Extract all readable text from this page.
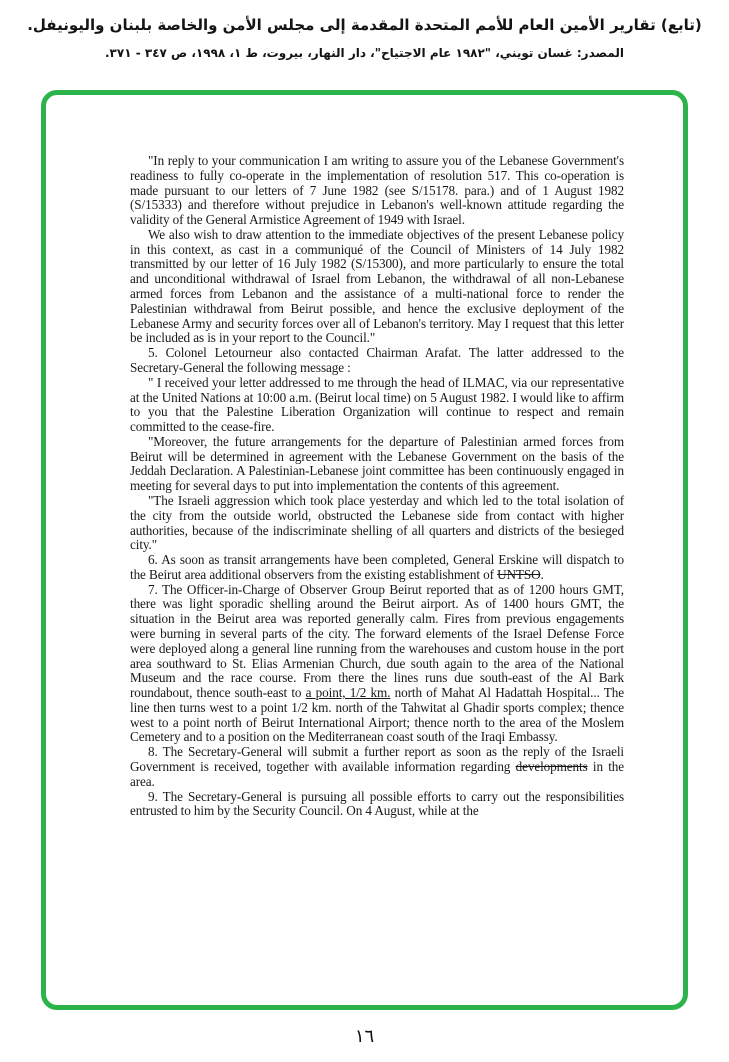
(تابع) تقارير الأمين العام للأمم المتحدة المقدمة إلى مجلس الأمن والخاصة بلبنان واليونيفل.
المصدر: غسان تويني، "١٩٨٢ عام الاجتياح"، دار النهار، بيروت، ط ١، ١٩٩٨، ص ٣٤٧ - ٣٧١.

"In reply to your communication I am writing to assure you of the Lebanese Government's readiness to fully co-operate in the implementation of resolution 517. This co-operation is made pursuant to our letters of 7 June 1982 (see S/15178. para.) and of 1 August 1982 (S/15333) and therefore without prejudice in Lebanon's well-known attitude regarding the validity of the General Armistice Agreement of 1949 with Israel.

We also wish to draw attention to the immediate objectives of the present Lebanese policy in this context, as cast in a communiqué of the Council of Ministers of 14 July 1982 transmitted by our letter of 16 July 1982 (S/15300), and more particularly to ensure the total and unconditional withdrawal of Israel from Lebanon, the withdrawal of all non-Lebanese armed forces from Lebanon and the assistance of a multi-national force to render the Palestinian withdrawal from Beirut possible, and hence the exclusive deployment of the Lebanese Army and security forces over all of Lebanon's territory. May I request that this letter be included as is in your report to the Council."

5. Colonel Letourneur also contacted Chairman Arafat. The latter addressed to the Secretary-General the following message :

" I received your letter addressed to me through the head of ILMAC, via our representative at the United Nations at 10:00 a.m. (Beirut local time) on 5 August 1982. I would like to affirm to you that the Palestine Liberation Organization will continue to respect and remain committed to the cease-fire.

"Moreover, the future arrangements for the departure of Palestinian armed forces from Beirut will be determined in agreement with the Lebanese Government on the basis of the Jeddah Declaration. A Palestinian-Lebanese joint committee has been continuously engaged in meeting for several days to put into implementation the contents of this agreement.

"The Israeli aggression which took place yesterday and which led to the total isolation of the city from the outside world, obstructed the Lebanese side from contact with higher authorities, because of the indiscriminate shelling of all quarters and districts of the besieged city."

6. As soon as transit arrangements have been completed, General Erskine will dispatch to the Beirut area additional observers from the existing establishment of UNTSO.

7. The Officer-in-Charge of Observer Group Beirut reported that as of 1200 hours GMT, there was light sporadic shelling around the Beirut airport. As of 1400 hours GMT, the situation in the Beirut area was reported generally calm. Fires from previous engagements were burning in several parts of the city. The forward elements of the Israel Defense Force were deployed along a general line running from the warehouses and custom house in the port area southward to St. Elias Armenian Church, due south again to the area of the National Museum and the race course. From there the lines runs due south-east of the Al Bark roundabout, thence south-east to a point, 1/2 km. north of Mahat Al Hadattah Hospital... The line then turns west to a point 1/2 km. north of the Tahwitat al Ghadir sports complex; thence west to a point north of Beirut International Airport; thence north to the area of the Moslem Cemetery and to a position on the Mediterranean coast south of the Iraqi Embassy.

8. The Secretary-General will submit a further report as soon as the reply of the Israeli Government is received, together with available information regarding developments in the area.

9. The Secretary-General is pursuing all possible efforts to carry out the responsibilities entrusted to him by the Security Council. On 4 August, while at the

١٦
